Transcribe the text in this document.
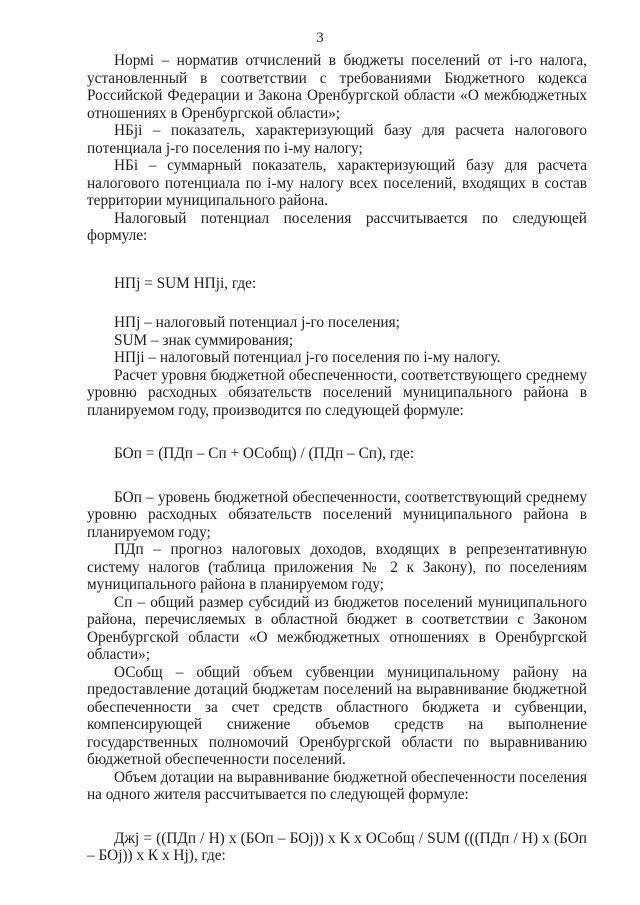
3

Нормi – норматив отчислений в бюджеты поселений от i-го налога, установленный в соответствии с требованиями Бюджетного кодекса Российской Федерации и Закона Оренбургской области «О межбюджетных отношениях в Оренбургской области»;

НБji – показатель, характеризующий базу для расчета налогового потенциала j-го поселения по i-му налогу;

НБi – суммарный показатель, характеризующий базу для расчета налогового потенциала по i-му налогу всех поселений, входящих в состав территории муниципального района.

Налоговый потенциал поселения рассчитывается по следующей формуле:

НПj = SUM НПji, где:

НПj – налоговый потенциал j-го поселения;

SUM – знак суммирования;

НПji – налоговый потенциал j-го поселения по i-му налогу.

Расчет уровня бюджетной обеспеченности, соответствующего среднему уровню расходных обязательств поселений муниципального района в планируемом году, производится по следующей формуле:

БОп = (ПДп – Сп + ОСобщ) / (ПДп – Сп), где:

БОп – уровень бюджетной обеспеченности, соответствующий среднему уровню расходных обязательств поселений муниципального района в планируемом году;

ПДп – прогноз налоговых доходов, входящих в репрезентативную систему налогов (таблица приложения № 2 к Закону), по поселениям муниципального района в планируемом году;

Сп – общий размер субсидий из бюджетов поселений муниципального района, перечисляемых в областной бюджет в соответствии с Законом Оренбургской области «О межбюджетных отношениях в Оренбургской области»;

ОСобщ – общий объем субвенции муниципальному району на предоставление дотаций бюджетам поселений на выравнивание бюджетной обеспеченности за счет средств областного бюджета и субвенции, компенсирующей снижение объемов средств на выполнение государственных полномочий Оренбургской области по выравниванию бюджетной обеспеченности поселений.

Объем дотации на выравнивание бюджетной обеспеченности поселения на одного жителя рассчитывается по следующей формуле:

Джj = ((ПДп / Н) х (БОп – БОj)) х К х ОСобщ / SUM (((ПДп / Н) х (БОп – БОj)) х К х Нj), где:
